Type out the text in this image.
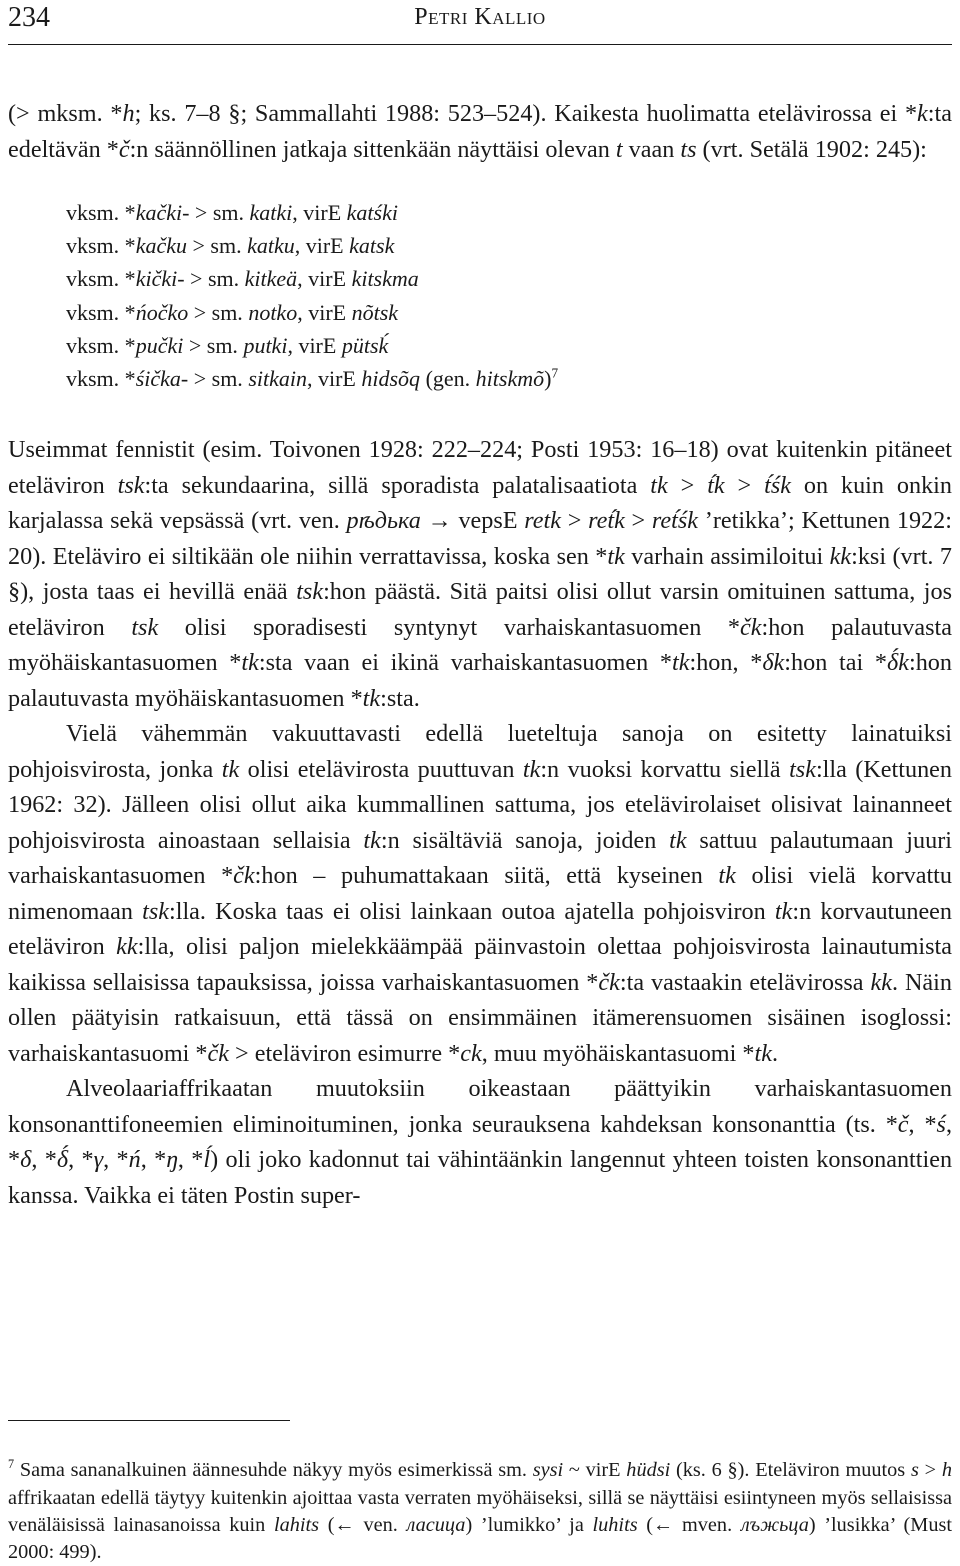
234	Petri Kallio

(> mksm. *h; ks. 7–8 §; Sammallahti 1988: 523–524). Kaikesta huolimatta etelävirossa ei *k:ta edeltävän *č:n säännöllinen jatkaja sittenkään näyttäisi olevan t vaan ts (vrt. Setälä 1902: 245):

vksm. *kački- > sm. katki, virE katśki
vksm. *kačku > sm. katku, virE katsk
vksm. *kički- > sm. kitkeä, virE kitskma
vksm. *ńočko > sm. notko, virE nõtsk
vksm. *pučki > sm. putki, virE pütsḱ
vksm. *śička- > sm. sitkain, virE hidsõq (gen. hitskmõ)$^7$

Useimmat fennistit (esim. Toivonen 1928: 222–224; Posti 1953: 16–18) ovat kuitenkin pitäneet eteläviron tsk:ta sekundaarina, sillä sporadista palatalisaatiota tk > t́k > t́śk on kuin onkin karjalassa sekä vepsässä (vrt. ven. рѣдька → vepsE retk > ret́k > ret́śk ’retikka’; Kettunen 1922: 20). Eteläviro ei siltikään ole niihin verrattavissa, koska sen *tk varhain assimiloitui kk:ksi (vrt. 7 §), josta taas ei hevillä enää tsk:hon päästä. Sitä paitsi olisi ollut varsin omituinen sattuma, jos eteläviron tsk olisi sporadisesti syntynyt varhaiskantasuomen *čk:hon palautuvasta myöhäiskantasuomen *tk:sta vaan ei ikinä varhaiskantasuomen *tk:hon, *δk:hon tai *δ́k:hon palautuvasta myöhäiskantasuomen *tk:sta.

Vielä vähemmän vakuuttavasti edellä lueteltuja sanoja on esitetty lainatuiksi pohjoisvirosta, jonka tk olisi etelävirosta puuttuvan tk:n vuoksi korvattu siellä tsk:lla (Kettunen 1962: 32). Jälleen olisi ollut aika kummallinen sattuma, jos etelävirolaiset olisivat lainanneet pohjoisvirosta ainoastaan sellaisia tk:n sisältäviä sanoja, joiden tk sattuu palautumaan juuri varhaiskantasuomen *čk:hon – puhumattakaan siitä, että kyseinen tk olisi vielä korvattu nimenomaan tsk:lla. Koska taas ei olisi lainkaan outoa ajatella pohjoisviron tk:n korvautuneen eteläviron kk:lla, olisi paljon mielekkäämpää päinvastoin olettaa pohjoisvirosta lainautumista kaikissa sellaisissa tapauksissa, joissa varhaiskantasuomen *čk:ta vastaakin etelävirossa kk. Näin ollen päätyisin ratkaisuun, että tässä on ensimmäinen itämerensuomen sisäinen isoglossi: varhaiskantasuomi *čk > eteläviron esimurre *ck, muu myöhäiskantasuomi *tk.

Alveolaariaffrikaatan muutoksiin oikeastaan päättyikin varhaiskantasuomen konsonanttifoneemien eliminoituminen, jonka seurauksena kahdeksan konsonanttia (ts. *č, *ś, *δ, *δ́, *γ, *ń, *ŋ, *ĺ) oli joko kadonnut tai vähintäänkin langennut yhteen toisten konsonanttien kanssa. Vaikka ei täten Postin super-

$^7$ Sama sananalkuinen äännesuhde näkyy myös esimerkissä sm. sysi ~ virE hüdsi (ks. 6 §). Eteläviron muutos s > h affrikaatan edellä täytyy kuitenkin ajoittaa vasta verraten myöhäiseksi, sillä se näyttäisi esiintyneen myös sellaisissa venäläisissä lainasanoissa kuin lahits (← ven. ласица) ’lumikko’ ja luhits (← mven. лъжьца) ’lusikka’ (Must 2000: 499).
